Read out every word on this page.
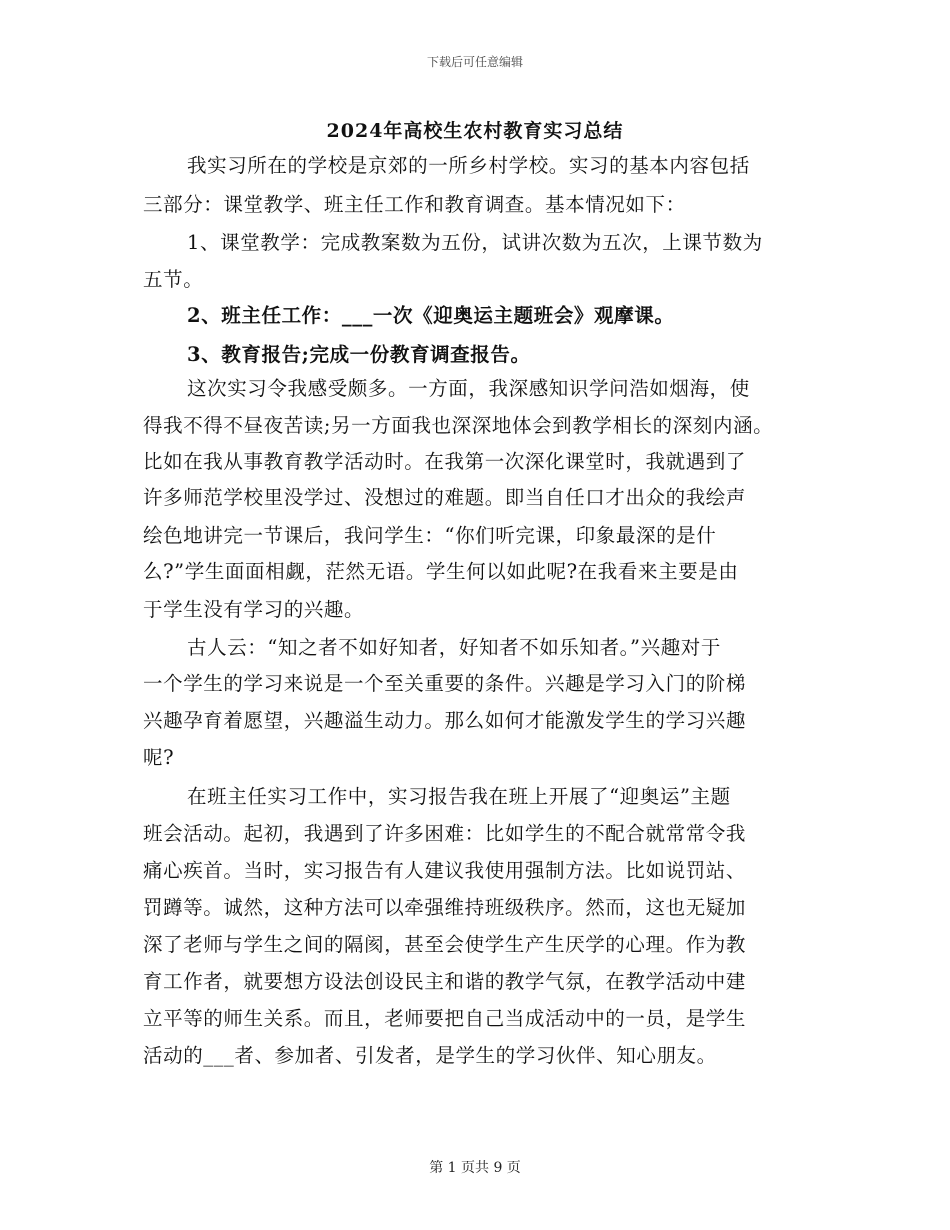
下载后可任意编辑
2024年高校生农村教育实习总结
我实习所在的学校是京郊的一所乡村学校。实习的基本内容包括
三部分：课堂教学、班主任工作和教育调查。基本情况如下：
1、课堂教学：完成教案数为五份，试讲次数为五次，上课节数为
五节。
2、班主任工作：___一次《迎奥运主题班会》观摩课。
3、教育报告;完成一份教育调查报告。
这次实习令我感受颇多。一方面，我深感知识学问浩如烟海，使
得我不得不昼夜苦读;另一方面我也深深地体会到教学相长的深刻内涵。
比如在我从事教育教学活动时。在我第一次深化课堂时，我就遇到了
许多师范学校里没学过、没想过的难题。即当自任口才出众的我绘声
绘色地讲完一节课后，我问学生：“你们听完课，印象最深的是什
么?”学生面面相觑，茫然无语。学生何以如此呢?在我看来主要是由
于学生没有学习的兴趣。
古人云：“知之者不如好知者，好知者不如乐知者。”兴趣对于
一个学生的学习来说是一个至关重要的条件。兴趣是学习入门的阶梯
兴趣孕育着愿望，兴趣溢生动力。那么如何才能激发学生的学习兴趣
呢?
在班主任实习工作中，实习报告我在班上开展了“迎奥运”主题
班会活动。起初，我遇到了许多困难：比如学生的不配合就常常令我
痛心疾首。当时，实习报告有人建议我使用强制方法。比如说罚站、
罚蹲等。诚然，这种方法可以牵强维持班级秩序。然而，这也无疑加
深了老师与学生之间的隔阂，甚至会使学生产生厌学的心理。作为教
育工作者，就要想方设法创设民主和谐的教学气氛，在教学活动中建
立平等的师生关系。而且，老师要把自己当成活动中的一员，是学生
活动的___者、参加者、引发者，是学生的学习伙伴、知心朋友。
第 1 页共 9 页
